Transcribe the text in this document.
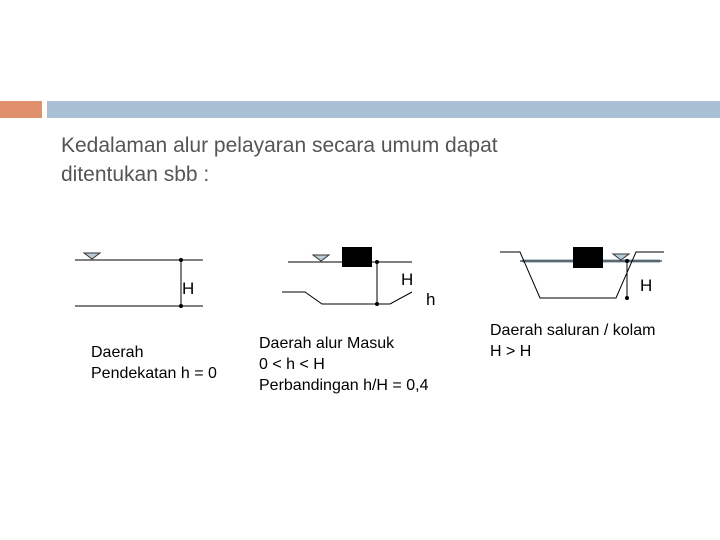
Kedalaman alur pelayaran secara umum dapat
ditentukan sbb :
H	H
h
H
Daerah
Pendekatan h = 0
Daerah alur Masuk
0 < h < H
Perbandingan h/H = 0,4
Daerah saluran / kolam
H > H
